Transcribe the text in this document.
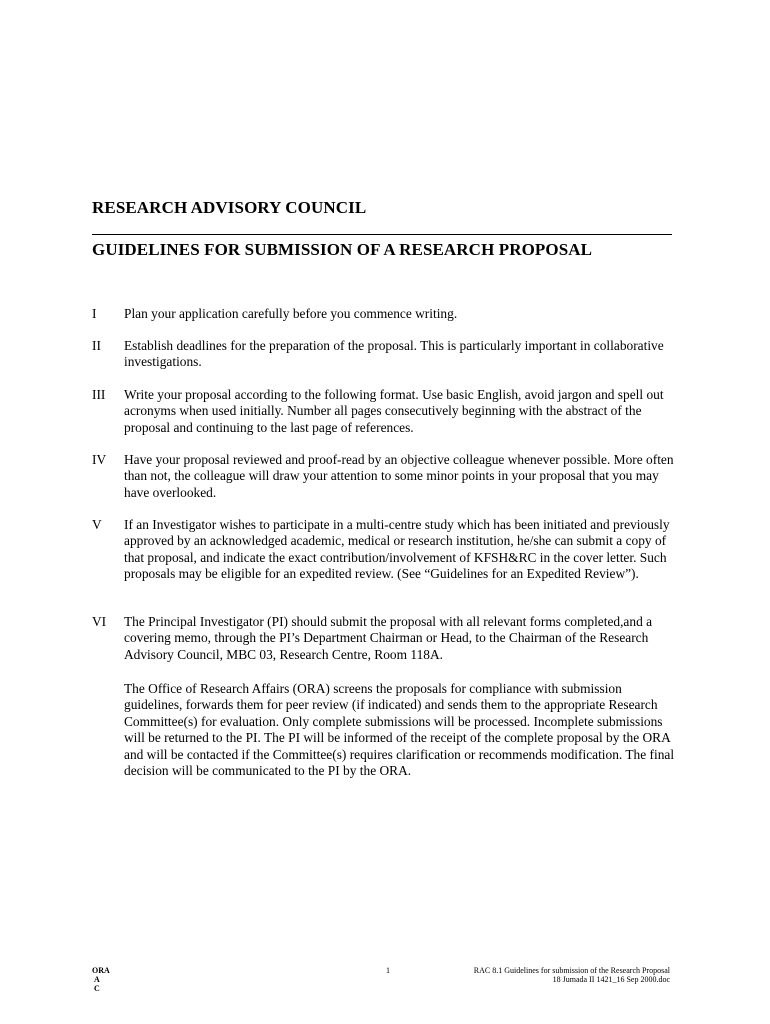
RESEARCH ADVISORY COUNCIL
GUIDELINES FOR SUBMISSION OF A RESEARCH PROPOSAL
I	Plan your application carefully before you commence writing.
II	Establish deadlines for the preparation of the proposal. This is particularly important in collaborative investigations.
III	Write your proposal according to the following format. Use basic English, avoid jargon and spell out acronyms when used initially. Number all pages consecutively beginning with the abstract of the proposal and continuing to the last page of references.
IV	Have your proposal reviewed and proof-read by an objective colleague whenever possible. More often than not, the colleague will draw your attention to some minor points in your proposal that you may have overlooked.
V	If an Investigator wishes to participate in a multi-centre study which has been initiated and previously approved by an acknowledged academic, medical or research institution, he/she can submit a copy of that proposal, and indicate the exact contribution/involvement of KFSH&RC in the cover letter. Such proposals may be eligible for an expedited review. (See “Guidelines for an Expedited Review”).
VI	The Principal Investigator (PI) should submit the proposal with all relevant forms completed,and a covering memo, through the PI’s Department Chairman or Head, to the Chairman of the Research Advisory Council, MBC 03, Research Centre, Room 118A.
The Office of Research Affairs (ORA) screens the proposals for compliance with submission guidelines, forwards them for peer review (if indicated) and sends them to the appropriate Research Committee(s) for evaluation. Only complete submissions will be processed. Incomplete submissions will be returned to the PI. The PI will be informed of the receipt of the complete proposal by the ORA and will be contacted if the Committee(s) requires clarification or recommends modification. The final decision will be communicated to the PI by the ORA.
ORA
A
C
1	RAC 8.1 Guidelines for submission of the Research Proposal
18 Jumada II 1421_16 Sep 2000.doc
